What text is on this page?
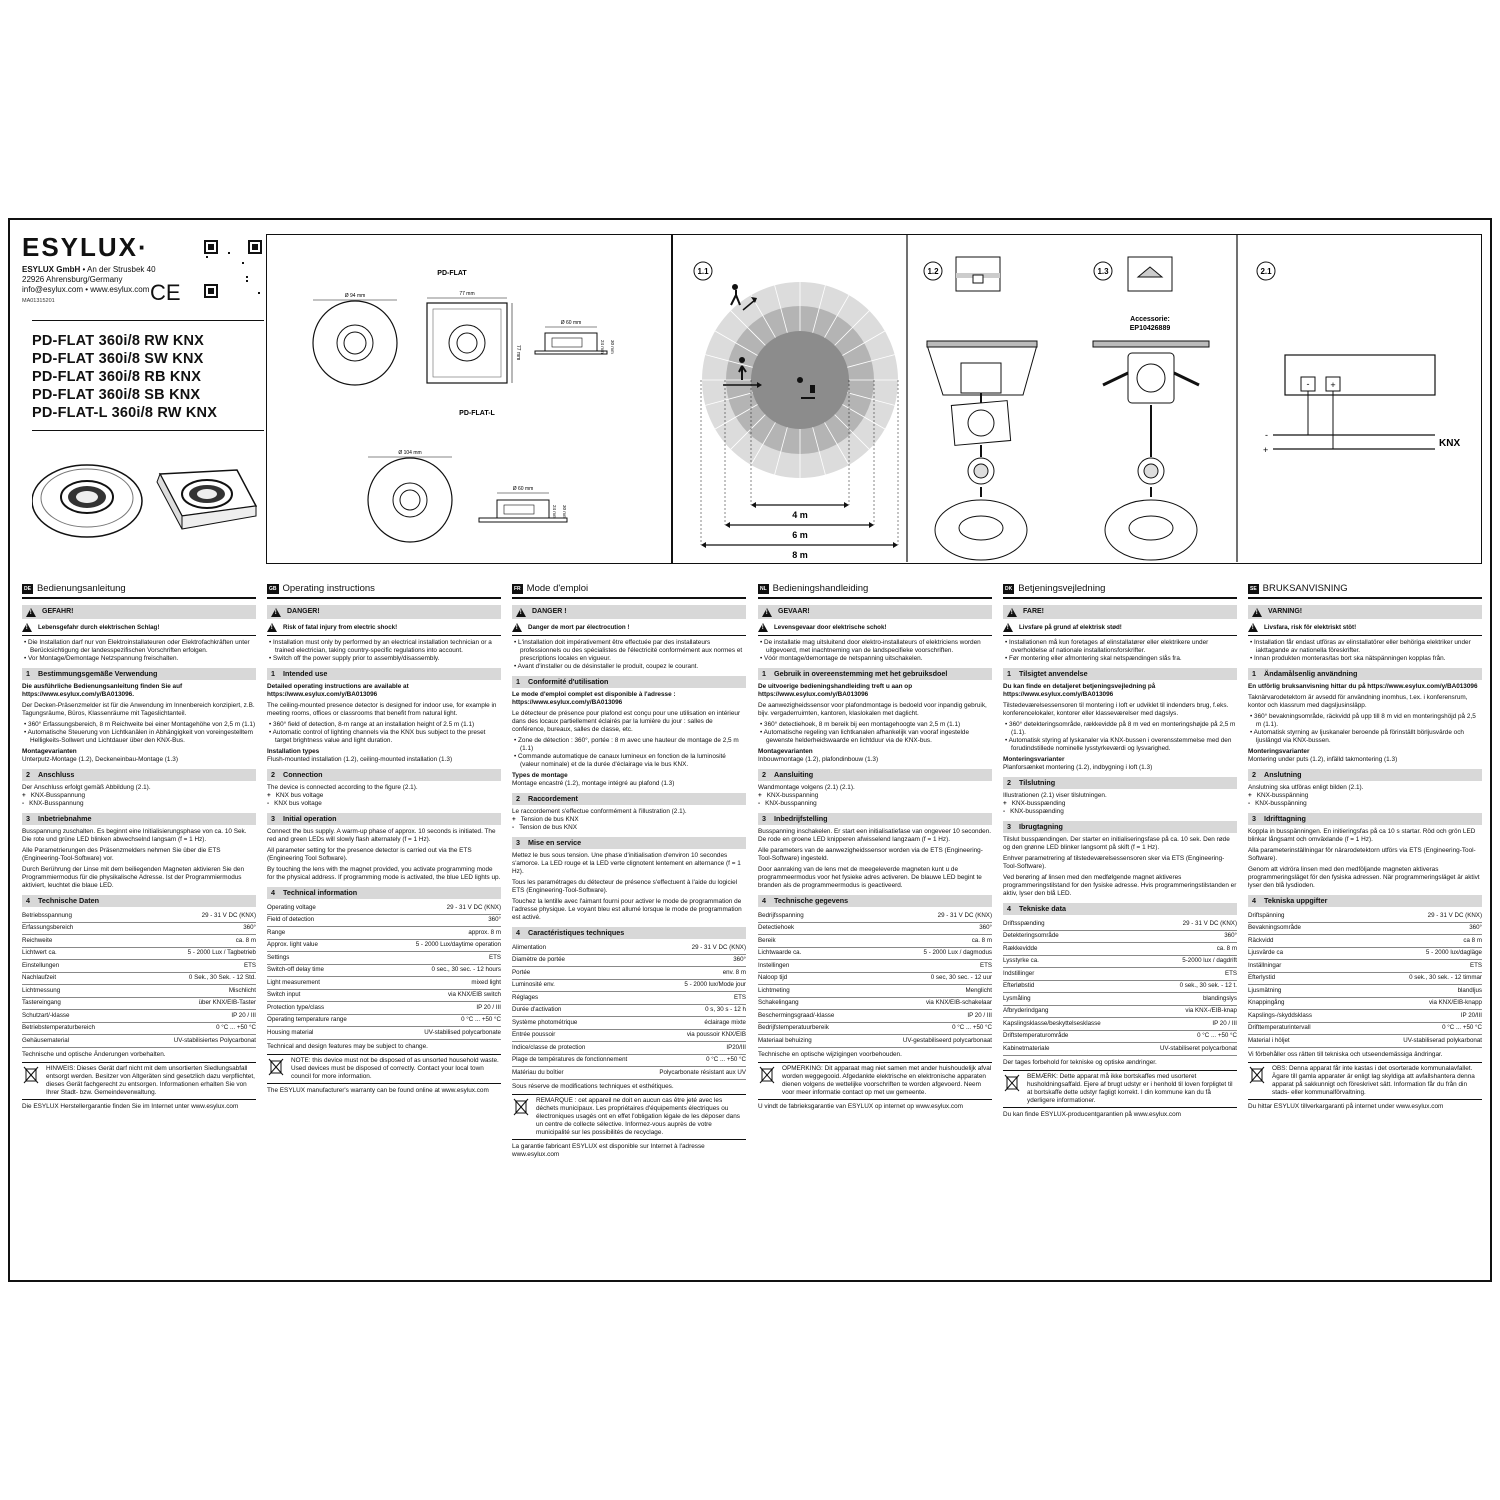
ESYLUX·
ESYLUX GmbH • An der Strusbek 40
22926 Ahrensburg/Germany
info@esylux.com • www.esylux.com
MA01315201	CE
PD-FLAT 360i/8 RW KNX
PD-FLAT 360i/8 SW KNX
PD-FLAT 360i/8 RB KNX
PD-FLAT 360i/8 SB KNX
PD-FLAT-L 360i/8 RW KNX
PD-FLAT
Ø 94 mm	77 mm
77 mm
Ø 60 mm
24 mm 30 mm
PD-FLAT-L
Ø 104 mm
Ø 60 mm
24 mm 30 mm
1.1
4 m
6 m
8 m
1.2	1.3
Accessorie:
EP10426889
2.1
- +
-
+
KNX
DE Bedienungsanleitung
!
GEFAHR!
!
Lebensgefahr durch elektrischen Schlag!
• Die Installation darf nur von Elektroinstallateuren oder Elektrofachkräften unter Berücksichtigung der landesspezifischen Vorschriften erfolgen.
• Vor Montage/Demontage Netzspannung freischalten.
1 Bestimmungsgemäße Verwendung
Die ausführliche Bedienungsanleitung finden Sie auf https://www.esylux.com/y/BA013096.
Der Decken-Präsenzmelder ist für die Anwendung im Innenbereich konzipiert, z.B. Tagungsräume, Büros, Klassenräume mit Tageslichtanteil.
• 360° Erfassungsbereich, 8 m Reichweite bei einer Montagehöhe von 2,5 m (1.1)
• Automatische Steuerung von Lichtkanälen in Abhängigkeit von voreingestelltem Helligkeits-Sollwert und Lichtdauer über den KNX-Bus.
Montagevarianten
Unterputz-Montage (1.2), Deckeneinbau-Montage (1.3)
2 Anschluss
Der Anschluss erfolgt gemäß Abbildung (2.1).
+ KNX-Busspannung
- KNX-Busspannung
3 Inbetriebnahme
Busspannung zuschalten. Es beginnt eine Initialisierungsphase von ca. 10 Sek. Die rote und grüne LED blinken abwechselnd langsam (f = 1 Hz).
Alle Parametrierungen des Präsenzmelders nehmen Sie über die ETS (Engineering-Tool-Software) vor.
Durch Berührung der Linse mit dem beiliegenden Magneten aktivieren Sie den Programmiermodus für die physikalische Adresse. Ist der Programmiermodus aktiviert, leuchtet die blaue LED.
4 Technische Daten
Betriebsspannung	29 - 31 V DC (KNX)
Erfassungsbereich	360°
Reichweite	ca. 8 m
Lichtwert ca.	5 - 2000 Lux / Tagbetrieb
Einstellungen	ETS
Nachlaufzeit	0 Sek., 30 Sek. - 12 Std.
Lichtmessung	Mischlicht
Tastereingang	über KNX/EIB-Taster
Schutzart/-klasse	IP 20 / III
Betriebstemperaturbereich	0 °C ... +50 °C
Gehäusematerial	UV-stabilisiertes Polycarbonat
Technische und optische Änderungen vorbehalten.
HINWEIS: Dieses Gerät darf nicht mit dem unsortierten Siedlungsabfall entsorgt werden. Besitzer von Altgeräten sind gesetzlich dazu verpflichtet, dieses Gerät fachgerecht zu entsorgen. Informationen erhalten Sie von Ihrer Stadt- bzw. Gemeindeverwaltung.
Die ESYLUX Herstellergarantie finden Sie im Internet unter www.esylux.com
GB Operating instructions
!
DANGER!
!
Risk of fatal injury from electric shock!
• Installation must only by performed by an electrical installation technician or a trained electrician, taking country-specific regulations into account.
• Switch off the power supply prior to assembly/disassembly.
1 Intended use
Detailed operating instructions are available at https://www.esylux.com/y/BA013096
The ceiling-mounted presence detector is designed for indoor use, for example in meeting rooms, offices or classrooms that benefit from natural light.
• 360° field of detection, 8-m range at an installation height of 2.5 m (1.1)
• Automatic control of lighting channels via the KNX bus subject to the preset target brightness value and light duration.
Installation types
Flush-mounted installation (1.2), ceiling-mounted installation (1.3)
2 Connection
The device is connected according to the figure (2.1).
+ KNX bus voltage
- KNX bus voltage
3 Initial operation
Connect the bus supply. A warm-up phase of approx. 10 seconds is initiated. The red and green LEDs will slowly flash alternately (f = 1 Hz).
All parameter setting for the presence detector is carried out via the ETS (Engineering Tool Software).
By touching the lens with the magnet provided, you activate programming mode for the physical address. If programming mode is activated, the blue LED lights up.
4 Technical information
Operating voltage	29 - 31 V DC (KNX)
Field of detection	360°
Range	approx. 8 m
Approx. light value	5 - 2000 Lux/daytime operation
Settings	ETS
Switch-off delay time	0 sec., 30 sec. - 12 hours
Light measurement	mixed light
Switch input	via KNX/EIB switch
Protection type/class	IP 20 / III
Operating temperature range	0 °C ... +50 °C
Housing material	UV-stabilised polycarbonate
Technical and design features may be subject to change.
NOTE: this device must not be disposed of as unsorted household waste. Used devices must be disposed of correctly. Contact your local town council for more information.
The ESYLUX manufacturer's warranty can be found online at www.esylux.com
FR Mode d'emploi
!
DANGER !
!
Danger de mort par électrocution !
• L'installation doit impérativement être effectuée par des installateurs professionnels ou des spécialistes de l'électricité conformément aux normes et prescriptions locales en vigueur.
• Avant d'installer ou de désinstaller le produit, coupez le courant.
1 Conformité d'utilisation
Le mode d'emploi complet est disponible à l'adresse : https://www.esylux.com/y/BA013096
Le détecteur de présence pour plafond est conçu pour une utilisation en intérieur dans des locaux partiellement éclairés par la lumière du jour : salles de conférence, bureaux, salles de classe, etc.
• Zone de détection : 360°, portée : 8 m avec une hauteur de montage de 2,5 m (1.1)
• Commande automatique de canaux lumineux en fonction de la luminosité (valeur nominale) et de la durée d'éclairage via le bus KNX.
Types de montage
Montage encastré (1.2), montage intégré au plafond (1.3)
2 Raccordement
Le raccordement s'effectue conformément à l'illustration (2.1).
+ Tension de bus KNX
- Tension de bus KNX
3 Mise en service
Mettez le bus sous tension. Une phase d'initialisation d'environ 10 secondes s'amorce. La LED rouge et la LED verte clignotent lentement en alternance (f = 1 Hz).
Tous les paramétrages du détecteur de présence s'effectuent à l'aide du logiciel ETS (Engineering-Tool-Software).
Touchez la lentille avec l'aimant fourni pour activer le mode de programmation de l'adresse physique. Le voyant bleu est allumé lorsque le mode de programmation est activé.
4 Caractéristiques techniques
Alimentation	29 - 31 V DC (KNX)
Diamètre de portée	360°
Portée	env. 8 m
Luminosité env.	5 - 2000 lux/Mode jour
Réglages	ETS
Durée d'activation	0 s, 30 s - 12 h
Système photométrique	éclairage mixte
Entrée poussoir	via poussoir KNX/EIB
Indice/classe de protection	IP20/III
Plage de températures de fonctionnement	0 °C ... +50 °C
Matériau du boîtier	Polycarbonate résistant aux UV
Sous réserve de modifications techniques et esthétiques.
REMARQUE : cet appareil ne doit en aucun cas être jeté avec les déchets municipaux. Les propriétaires d'équipements électriques ou électroniques usagés ont en effet l'obligation légale de les déposer dans un centre de collecte sélective. Informez-vous auprès de votre municipalité sur les possibilités de recyclage.
La garantie fabricant ESYLUX est disponible sur Internet à l'adresse www.esylux.com
NL Bedieningshandleiding
!
GEVAAR!
!
Levensgevaar door elektrische schok!
• De installatie mag uitsluitend door elektro-installateurs of elektriciens worden uitgevoerd, met inachtneming van de landspecifieke voorschriften.
• Vóór montage/demontage de netspanning uitschakelen.
1 Gebruik in overeenstemming met het gebruiksdoel
De uitvoerige bedieningshandleiding treft u aan op https://www.esylux.com/y/BA013096
De aanwezigheidssensor voor plafondmontage is bedoeld voor inpandig gebruik, bijv. vergaderruimten, kantoren, klaslokalen met daglicht.
• 360° detectiehoek, 8 m bereik bij een montagehoogte van 2,5 m (1.1)
• Automatische regeling van lichtkanalen afhankelijk van vooraf ingestelde gewenste helderheidswaarde en lichtduur via de KNX-bus.
Montagevarianten
Inbouwmontage (1.2), plafondinbouw (1.3)
2 Aansluiting
Wandmontage volgens (2.1) (2.1).
+ KNX-busspanning
- KNX-busspanning
3 Inbedrijfstelling
Busspanning inschakelen. Er start een initialisatiefase van ongeveer 10 seconden. De rode en groene LED knipperen afwisselend langzaam (f = 1 Hz).
Alle parameters van de aanwezigheidssensor worden via de ETS (Engineering-Tool-Software) ingesteld.
Door aanraking van de lens met de meegeleverde magneten kunt u de programmeermodus voor het fysieke adres activeren. De blauwe LED begint te branden als de programmeermodus is geactiveerd.
4 Technische gegevens
Bedrijfsspanning	29 - 31 V DC (KNX)
Detectiehoek	360°
Bereik	ca. 8 m
Lichtwaarde ca.	5 - 2000 Lux / dagmodus
Instellingen	ETS
Naloop tijd	0 sec, 30 sec. - 12 uur
Lichtmeting	Menglicht
Schakelingang	via KNX/EIB-schakelaar
Beschermingsgraad/-klasse	IP 20 / III
Bedrijfstemperatuurbereik	0 °C ... +50 °C
Materiaal behuizing	UV-gestabiliseerd polycarbonaat
Technische en optische wijzigingen voorbehouden.
OPMERKING: Dit apparaat mag niet samen met ander huishoudelijk afval worden weggegooid. Afgedankte elektrische en elektronische apparaten dienen volgens de wettelijke voorschriften te worden afgevoerd. Neem voor meer informatie contact op met uw gemeente.
U vindt de fabrieksgarantie van ESYLUX op internet op www.esylux.com
DK Betjeningsvejledning
!
FARE!
!
Livsfare på grund af elektrisk stød!
• Installationen må kun foretages af elinstallatører eller elektrikere under overholdelse af nationale installationsforskrifter.
• Før montering eller afmontering skal netspændingen slås fra.
1 Tilsigtet anvendelse
Du kan finde en detaljeret betjeningsvejledning på https://www.esylux.com/y/BA013096
Tilstedeværelsessensoren til montering i loft er udviklet til indendørs brug, f.eks. konferencelokaler, kontorer eller klasseværelser med dagslys.
• 360° detekteringsområde, rækkevidde på 8 m ved en monteringshøjde på 2,5 m (1.1).
• Automatisk styring af lyskanaler via KNX-bussen i overensstemmelse med den forudindstillede nominelle lysstyrkeværdi og lysvarighed.
Monteringsvarianter
Planforsænket montering (1.2), indbygning i loft (1.3)
2 Tilslutning
Illustrationen (2.1) viser tilslutningen.
+ KNX-busspænding
- KNX-busspænding
3 Ibrugtagning
Tilslut busspændingen. Der starter en initialiseringsfase på ca. 10 sek. Den røde og den grønne LED blinker langsomt på skift (f = 1 Hz).
Enhver parametrering af tilstedeværelsessensoren sker via ETS (Engineering-Tool-Software).
Ved berøring af linsen med den medfølgende magnet aktiveres programmeringstilstand for den fysiske adresse. Hvis programmeringstilstanden er aktiv, lyser den blå LED.
4 Tekniske data
Driftsspænding	29 - 31 V DC (KNX)
Detekteringsområde	360°
Rækkevidde	ca. 8 m
Lysstyrke ca.	5-2000 lux / dagdrift
Indstillinger	ETS
Efterløbstid	0 sek., 30 sek. - 12 t.
Lysmåling	blandingslys
Afbryderindgang	via KNX-/EIB-knap
Kapslingsklasse/beskyttelsesklasse	IP 20 / III
Driftstemperaturområde	0 °C ... +50 °C
Kabinetmateriale	UV-stabiliseret polycarbonat
Der tages forbehold for tekniske og optiske ændringer.
BEMÆRK: Dette apparat må ikke bortskaffes med usorteret husholdningsaffald. Ejere af brugt udstyr er i henhold til loven forpligtet til at bortskaffe dette udstyr fagligt korrekt. I din kommune kan du få yderligere informationer.
Du kan finde ESYLUX-producentgarantien på www.esylux.com
SE BRUKSANVISNING
!
VARNING!
!
Livsfara, risk för elektriskt stöt!
• Installation får endast utföras av elinstallatörer eller behöriga elektriker under iakttagande av nationella föreskrifter.
• Innan produkten monteras/tas bort ska nätspänningen kopplas från.
1 Ändamålsenlig användning
En utförlig bruksanvisning hittar du på https://www.esylux.com/y/BA013096
Taknärvarodetektorn är avsedd för användning inomhus, t.ex. i konferensrum, kontor och klassrum med dagsljusinsläpp.
• 360° bevakningsområde, räckvidd på upp till 8 m vid en monteringshöjd på 2,5 m (1.1).
• Automatisk styrning av ljuskanaler beroende på förinställt börljusvärde och ljuslängd via KNX-bussen.
Monteringsvarianter
Montering under puts (1.2), infälld takmontering (1.3)
2 Anslutning
Anslutning ska utföras enligt bilden (2.1).
+ KNX-busspänning
- KNX-busspänning
3 Idrifttagning
Koppla in busspänningen. En initieringsfas på ca 10 s startar. Röd och grön LED blinkar långsamt och omväxlande (f = 1 Hz).
Alla parameterinställningar för närarodetektorn utförs via ETS (Engineering-Tool-Software).
Genom att vidröra linsen med den medföljande magneten aktiveras programmeringsläget för den fysiska adressen. När programmeringsläget är aktivt lyser den blå lysdioden.
4 Tekniska uppgifter
Driftspänning	29 - 31 V DC (KNX)
Bevakningsområde	360°
Räckvidd	ca 8 m
Ljusvärde ca	5 - 2000 lux/dagläge
Inställningar	ETS
Efterlystid	0 sek., 30 sek. - 12 timmar
Ljusmätning	blandljus
Knappingång	via KNX/EIB-knapp
Kapslings-/skyddsklass	IP 20/III
Drifttemperaturintervall	0 °C ... +50 °C
Material i höljet	UV-stabiliserad polykarbonat
Vi förbehåller oss rätten till tekniska och utseendemässiga ändringar.
OBS: Denna apparat får inte kastas i det osorterade kommunalavfallet. Ägare till gamla apparater är enligt lag skyldiga att avfallshantera denna apparat på sakkunnigt och föreskrivet sätt. Information får du från din stads- eller kommunalförvaltning.
Du hittar ESYLUX tillverkargaranti på internet under www.esylux.com
